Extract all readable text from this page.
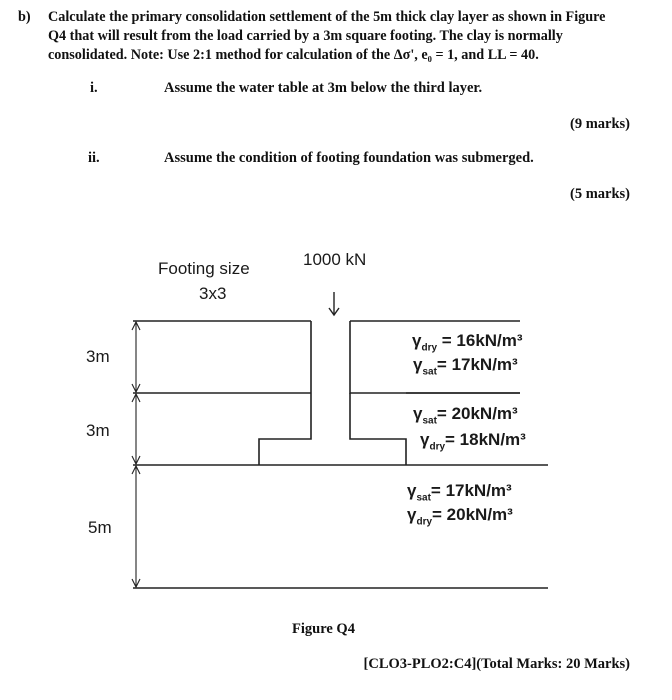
b) Calculate the primary consolidation settlement of the 5m thick clay layer as shown in Figure
Q4 that will result from the load carried by a 3m square footing. The clay is normally
consolidated. Note: Use 2:1 method for calculation of the Δσ', e₀ = 1, and LL = 40.
i.	Assume the water table at 3m below the third layer.
(9 marks)
ii.	Assume the condition of footing foundation was submerged.
(5 marks)
Footing size
3x3
1000 kN
3m
3m
5m
$\gamma_{dry} = 16kN/m^3$
$\gamma_{sat}= 17kN/m^3$
$\gamma_{sat}= 20kN/m^3$
$\gamma_{dry}= 18kN/m^3$
$\gamma_{sat}= 17kN/m^3$
$\gamma_{dry}= 20kN/m^3$
Figure Q4
[CLO3-PLO2:C4](Total Marks: 20 Marks)
